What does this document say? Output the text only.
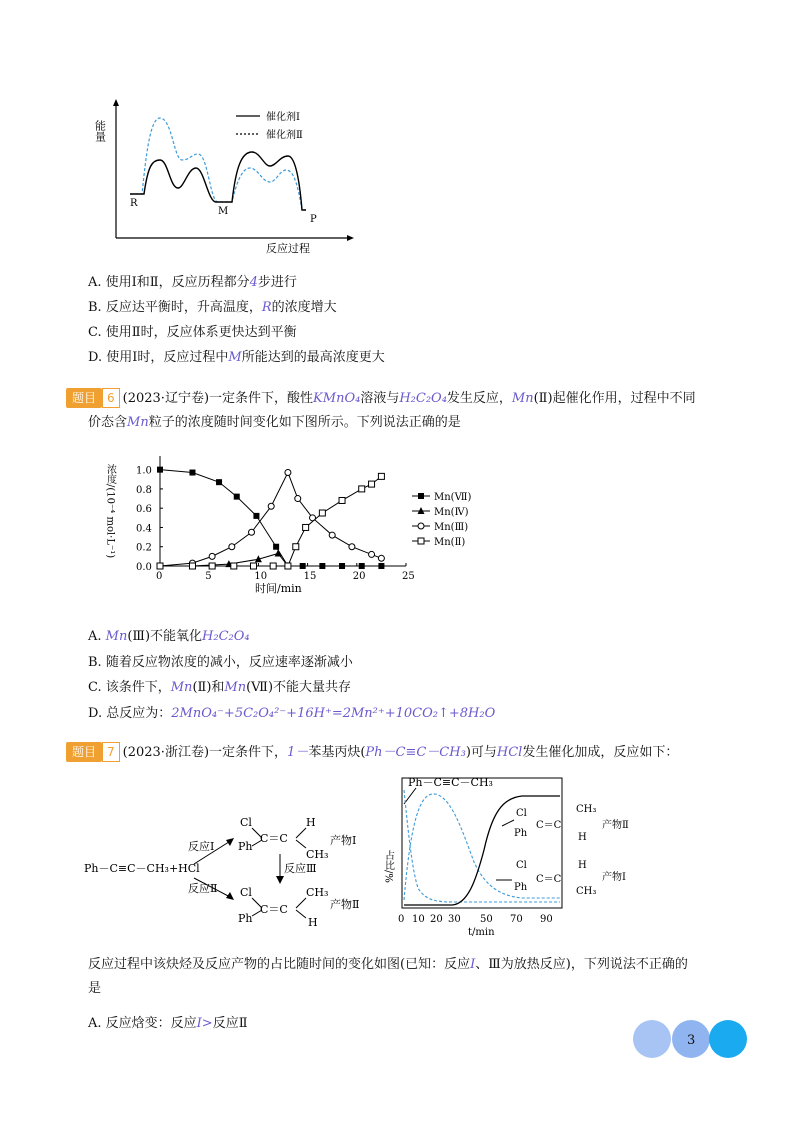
能量
反应过程
催化剂Ⅰ
催化剂Ⅱ
R
M
P
A. 使用Ⅰ和Ⅱ，反应历程都分4步进行
B. 反应达平衡时，升高温度，R的浓度增大
C. 使用Ⅱ时，反应体系更快达到平衡
D. 使用Ⅰ时，反应过程中M所能达到的最高浓度更大
题目 6 (2023·辽宁卷)一定条件下，酸性KMnO₄溶液与H₂C₂O₄发生反应，Mn(Ⅱ)起催化作用，过程中不同
价态含Mn粒子的浓度随时间变化如下图所示。下列说法正确的是
0	5	10	15	20	25
0.0
0.2
0.4
0.6
0.8
1.0
时间/min
浓度/(10⁻⁴ mol·L⁻¹)	Mn(Ⅶ)
Mn(Ⅳ)
Mn(Ⅲ)
Mn(Ⅱ)
A. Mn(Ⅲ)不能氧化H₂C₂O₄
B. 随着反应物浓度的减小，反应速率逐渐减小
C. 该条件下，Mn(Ⅱ)和Mn(Ⅶ)不能大量共存
D. 总反应为：2MnO₄⁻+5C₂O₄²⁻+16H⁺=2Mn²⁺+10CO₂↑+8H₂O
题目 7 (2023·浙江卷)一定条件下，1－苯基丙炔(Ph－C≡C－CH₃)可与HCl发生催化加成，反应如下：
Ph－C≡C－CH₃+HCl
反应Ⅰ
反应Ⅱ
Cl
Ph
C＝C
H
CH₃
产物Ⅰ
反应Ⅲ
Cl
Ph
C＝C
CH₃
H
产物Ⅱ
Ph－C≡C－CH₃
占比/%
0 10 20 30 50 70 90
t/min
Cl
Ph
C＝C
CH₃
H
产物Ⅱ
Cl
Ph
C＝C
H
CH₃
产物Ⅰ
反应过程中该炔烃及反应产物的占比随时间的变化如图(已知：反应Ⅰ、Ⅲ为放热反应)，下列说法不正确的
是
A. 反应焓变：反应Ⅰ>反应Ⅱ
3
